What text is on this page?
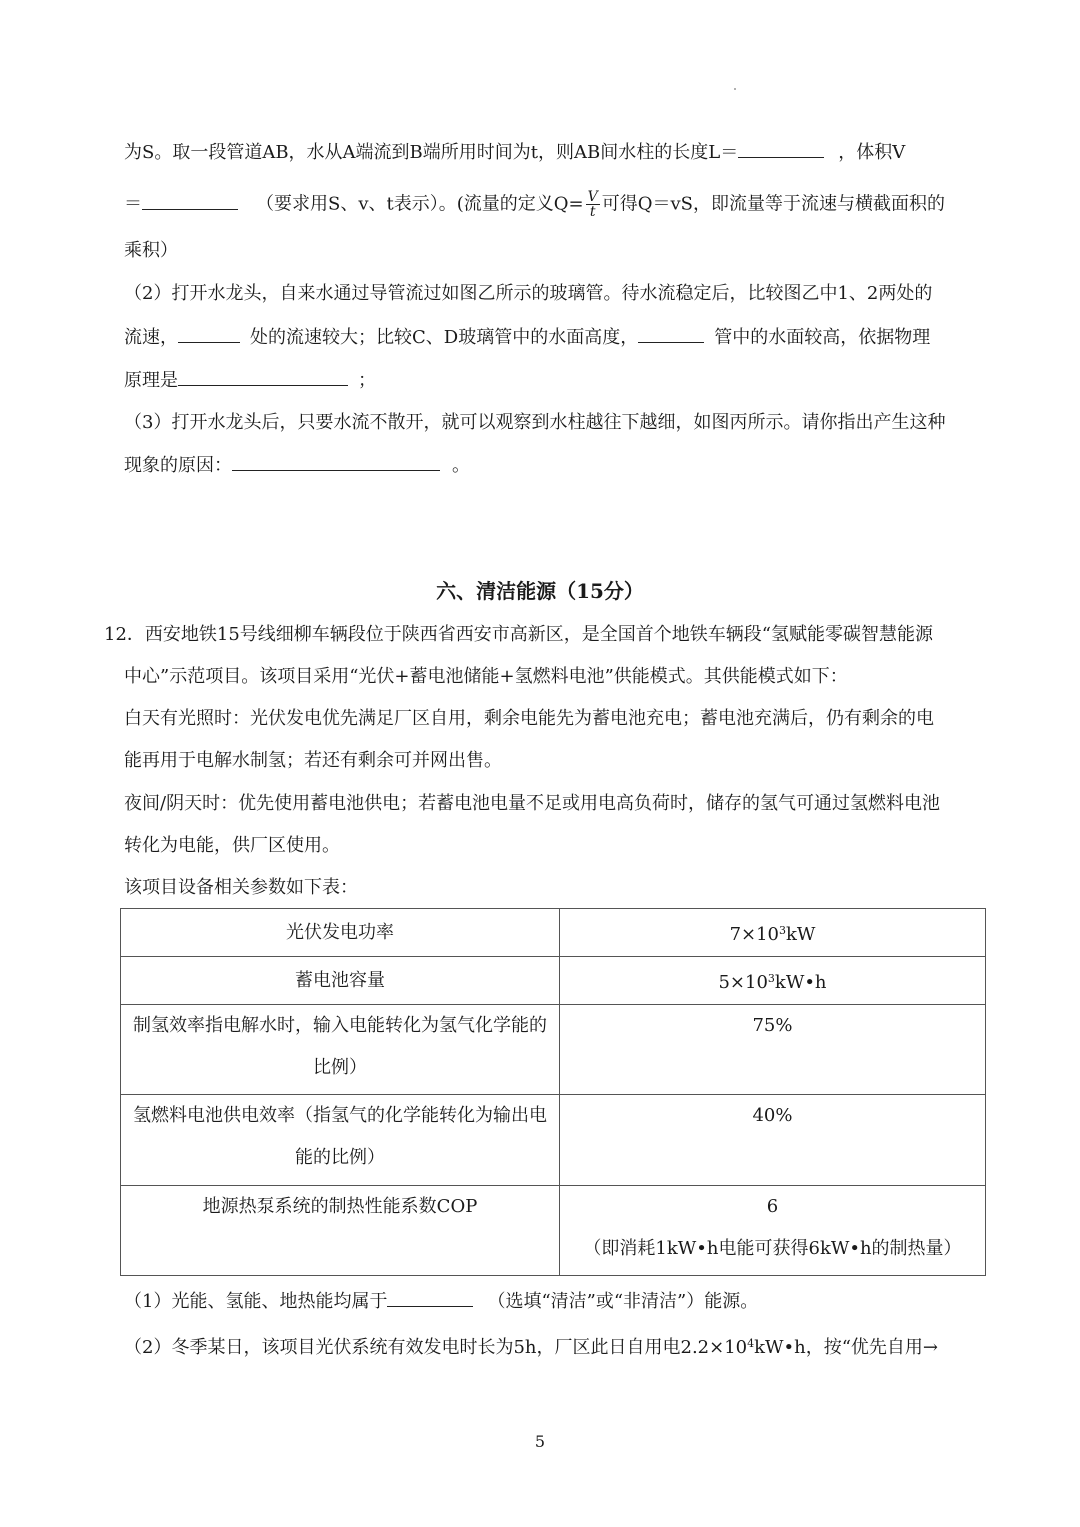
为S。取一段管道AB，水从A端流到B端所用时间为t，则AB间水柱的长度L＝	，体积V
＝	（要求用S、v、t表示）。(流量的定义$Q= \frac{V}{t}$ 可得Q＝vS，即流量等于流速与横截面积的
乘积）
（2）打开水龙头，自来水通过导管流过如图乙所示的玻璃管。待水流稳定后，比较图乙中1、2两处的
流速，	处的流速较大；比较C、D玻璃管中的水面高度，	管中的水面较高，依据物理
原理是	；
（3）打开水龙头后，只要水流不散开，就可以观察到水柱越往下越细，如图丙所示。请你指出产生这种
现象的原因：	。
六、清洁能源（15分）
12．西安地铁15号线细柳车辆段位于陕西省西安市高新区，是全国首个地铁车辆段“氢赋能零碳智慧能源
中心”示范项目。该项目采用“光伏+蓄电池储能+氢燃料电池”供能模式。其供能模式如下：
白天有光照时：光伏发电优先满足厂区自用，剩余电能先为蓄电池充电；蓄电池充满后，仍有剩余的电
能再用于电解水制氢；若还有剩余可并网出售。
夜间/阴天时：优先使用蓄电池供电；若蓄电池电量不足或用电高负荷时，储存的氢气可通过氢燃料电池
转化为电能，供厂区使用。
该项目设备相关参数如下表：
光伏发电功率	$7\times 10^3kW$
蓄电池容量	$5\times 10^3kW•h$

制氢效率指电解水时，输入电能转化为氢气化学能的
比例）	75%

氢燃料电池供电效率（指氢气的化学能转化为输出电
能的比例）	40%
地源热泵系统的制热性能系数COP	6
（即消耗1kW•h电能可获得6kW•h的制热量）
（1）光能、氢能、地热能均属于	（选填“清洁”或“非清洁”）能源。
（2）冬季某日，该项目光伏系统有效发电时长为5h，厂区此日自用电$2.2\times 10^4kW•h$，按“优先自用→
5
